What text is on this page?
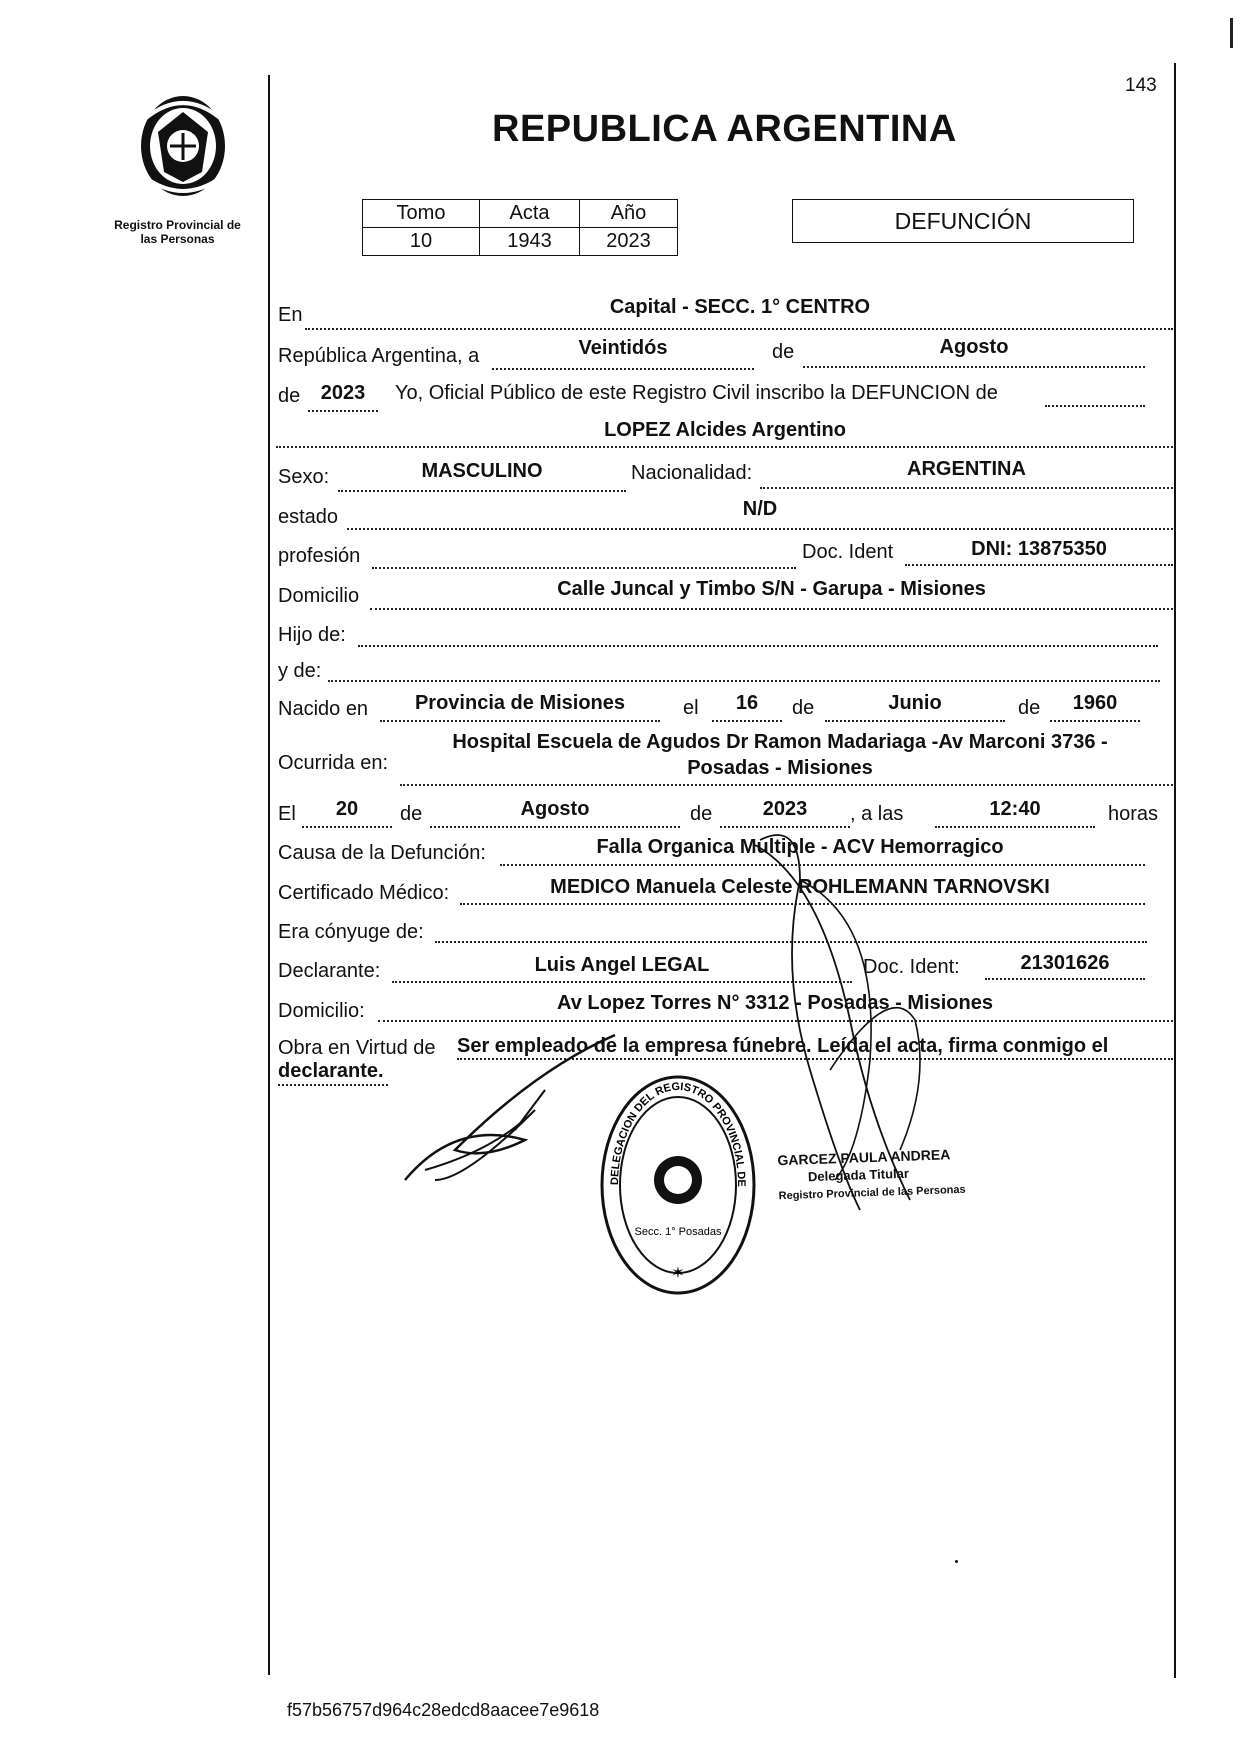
143
Registro Provincial de
las Personas
REPUBLICA ARGENTINA
Tomo	Acta	Año
10	1943	2023
DEFUNCIÓN
En	Capital - SECC. 1° CENTRO
República Argentina, a	Veintidós	de	Agosto
de	2023	Yo, Oficial Público de este Registro Civil inscribo la DEFUNCION de
LOPEZ Alcides Argentino
Sexo:	MASCULINO	Nacionalidad:	ARGENTINA
estado	N/D
profesión	Doc. Ident	DNI: 13875350
Domicilio	Calle Juncal y Timbo S/N - Garupa - Misiones
Hijo de:
y de:
Nacido en	Provincia de Misiones	el	16	de	Junio	de	1960
Ocurrida en:
Hospital Escuela de Agudos Dr Ramon Madariaga -Av Marconi 3736 -
Posadas - Misiones
El	20	de	Agosto	de	2023	, a las	12:40	horas
Causa de la Defunción:	Falla Organica Multiple - ACV Hemorragico
Certificado Médico:	MEDICO Manuela Celeste ROHLEMANN TARNOVSKI
Era cónyuge de:
Declarante:	Luis Angel LEGAL	Doc. Ident:	21301626
Domicilio:	Av Lopez Torres N° 3312 - Posadas - Misiones
Obra en Virtud de Ser empleado de la empresa fúnebre. Leída el acta, firma conmigo el
declarante.
DELEGACION DEL REGISTRO PROVINCIAL DE
Secc. 1° Posadas
✶
GARCEZ PAULA ANDREA
Delegada Titular
Registro Provincial de las Personas
f57b56757d964c28edcd8aacee7e9618
